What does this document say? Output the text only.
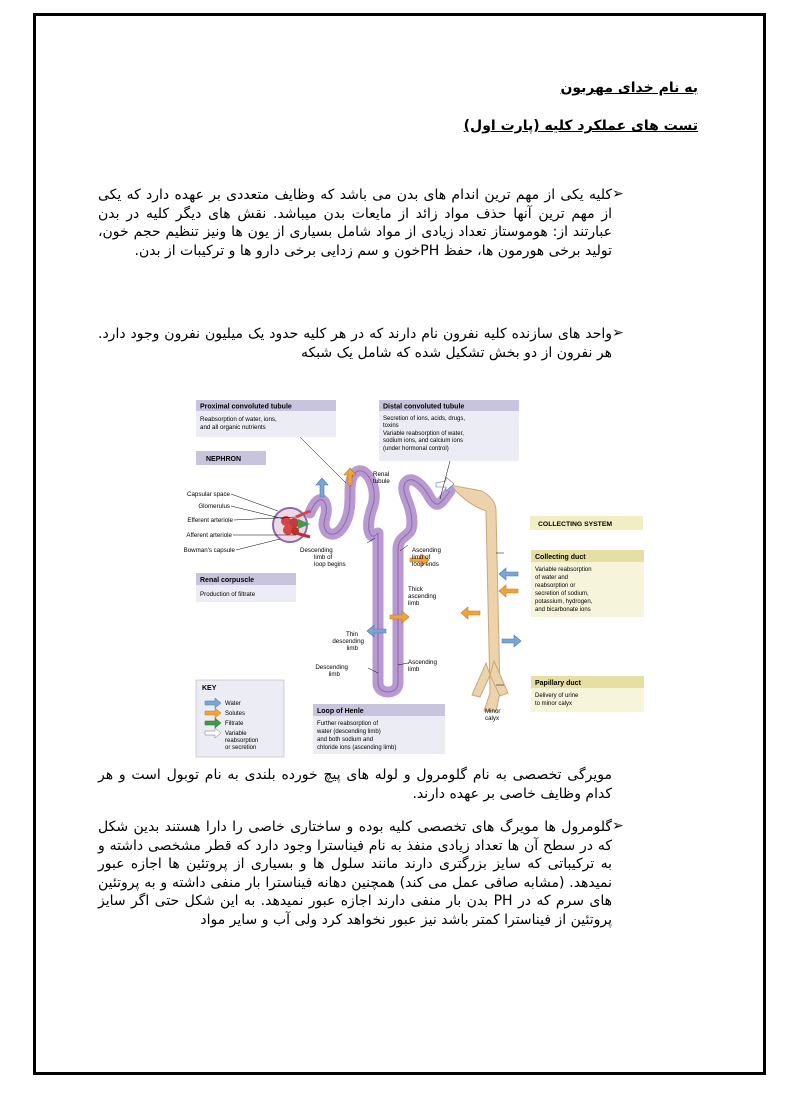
به نام خدای مهربون
تست های عملکرد کلیه (پارت اول)
➢
کلیه یکی از مهم ترین اندام های بدن می باشد که وظایف متعددی بر عهده دارد که یکی از مهم ترین آنها حذف مواد زائد از مایعات بدن میباشد. نقش های دیگر کلیه در بدن عبارتند از: هوموستاز تعداد زیادی از مواد شامل بسیاری از یون ها ونیز تنظیم حجم خون، تولید برخی هورمون ها، حفظ PHخون و سم زدایی برخی دارو ها و ترکیبات از بدن.
➢
واحد های سازنده کلیه نفرون نام دارند که در هر کلیه حدود یک میلیون نفرون وجود دارد. هر نفرون از دو بخش تشکیل شده که شامل یک شبکه
Proximal convoluted tubule
Reabsorption of water, ions,
and all organic nutrients
Distal convoluted tubule
Secretion of ions, acids, drugs,
toxins
Variable reabsorption of water,
sodium ions, and calcium ions
(under hormonal control)
NEPHRON
Renal
tubule
Capsular space
Glomerulus
Efferent arteriole
Afferent arteriole
Bowman's capsule
Renal corpuscle
Production of filtrate
Descending
limb of
loop begins
Ascending
limb of
loop ends
Thick
ascending
limb
Thin
descending
limb
Descending
limb
Ascending
limb
COLLECTING SYSTEM
Collecting duct
Variable reabsorption
of water and
reabsorption or
secretion of sodium,
potassium, hydrogen,
and bicarbonate ions
Papillary duct
Delivery of urine
to minor calyx
Minor
calyx
KEY
Water
Solutes
Filtrate
Variable
reabsorption
or secretion
Loop of Henle
Further reabsorption of
water (descending limb)
and both sodium and
chloride ions (ascending limb)
مویرگی تخصصی به نام گلومرول و لوله های پیچ خورده بلندی به نام توبول است و هر کدام وظایف خاصی بر عهده دارند.
➢
گلومرول ها مویرگ های تخصصی کلیه بوده و ساختاری خاصی را دارا هستند بدین شکل که در سطح آن ها تعداد زیادی منفذ به نام فیناسترا وجود دارد که قطر مشخصی داشته و به ترکیباتی که سایز بزرگتری دارند مانند سلول ها و بسیاری از پروتئین ها اجازه عبور نمیدهد. (مشابه صافی عمل می کند) همچنین دهانه فیناسترا بار منفی داشته و به پروتئین های سرم که در PH بدن بار منفی دارند اجازه عبور نمیدهد. به این شکل حتی اگر سایز پروتئین از فیناسترا کمتر باشد نیز عبور نخواهد کرد ولی آب و سایر مواد
